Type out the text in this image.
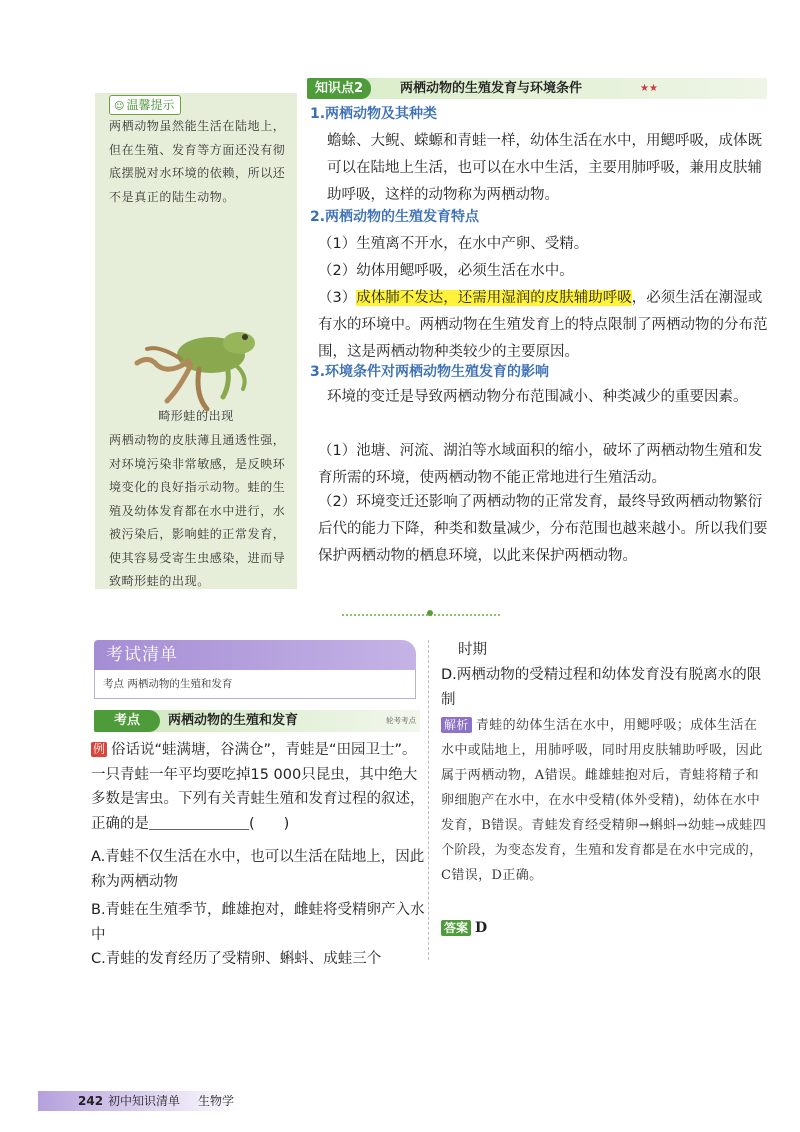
☺ 温馨提示

两栖动物虽然能生活在陆地上，但在生殖、发育等方面还没有彻底摆脱对水环境的依赖，所以还不是真正的陆生动物。

畸形蛙的出现

两栖动物的皮肤薄且通透性强，对环境污染非常敏感，是反映环境变化的良好指示动物。蛙的生殖及幼体发育都在水中进行，水被污染后，影响蛙的正常发育，使其容易受寄生虫感染，进而导致畸形蛙的出现。

知识点2	两栖动物的生殖发育与环境条件	★★

1.两栖动物及其种类

蟾蜍、大鲵、蝾螈和青蛙一样，幼体生活在水中，用鳃呼吸，成体既可以在陆地上生活，也可以在水中生活，主要用肺呼吸，兼用皮肤辅助呼吸，这样的动物称为两栖动物。

2.两栖动物的生殖发育特点

（1）生殖离不开水，在水中产卵、受精。

（2）幼体用鳃呼吸，必须生活在水中。

（3）成体肺不发达，还需用湿润的皮肤辅助呼吸，必须生活在潮湿或有水的环境中。两栖动物在生殖发育上的特点限制了两栖动物的分布范围，这是两栖动物种类较少的主要原因。

3.环境条件对两栖动物生殖发育的影响

环境的变迁是导致两栖动物分布范围减小、种类减少的重要因素。

（1）池塘、河流、湖泊等水域面积的缩小，破坏了两栖动物生殖和发育所需的环境，使两栖动物不能正常地进行生殖活动。

（2）环境变迁还影响了两栖动物的正常发育，最终导致两栖动物繁衍后代的能力下降，种类和数量减少，分布范围也越来越小。所以我们要保护两栖动物的栖息环境，以此来保护两栖动物。

考试清单
考点 两栖动物的生殖和发育
考点	两栖动物的生殖和发育	轮考考点

例 俗话说“蛙满塘，谷满仓”，青蛙是“田园卫士”。一只青蛙一年平均要吃掉15 000只昆虫，其中绝大多数是害虫。下列有关青蛙生殖和发育过程的叙述，正确的是	(　　)

A.青蛙不仅生活在水中，也可以生活在陆地上，因此称为两栖动物

B.青蛙在生殖季节，雌雄抱对，雌蛙将受精卵产入水中

C.青蛙的发育经历了受精卵、蝌蚪、成蛙三个

时期

D.两栖动物的受精过程和幼体发育没有脱离水的限制

解析 青蛙的幼体生活在水中，用鳃呼吸；成体生活在水中或陆地上，用肺呼吸，同时用皮肤辅助呼吸，因此属于两栖动物，A错误。雌雄蛙抱对后，青蛙将精子和卵细胞产在水中，在水中受精(体外受精)，幼体在水中发育，B错误。青蛙发育经受精卵→蝌蚪→幼蛙→成蛙四个阶段，为变态发育，生殖和发育都是在水中完成的，C错误，D正确。

答案 D

242 初中知识清单 生物学
